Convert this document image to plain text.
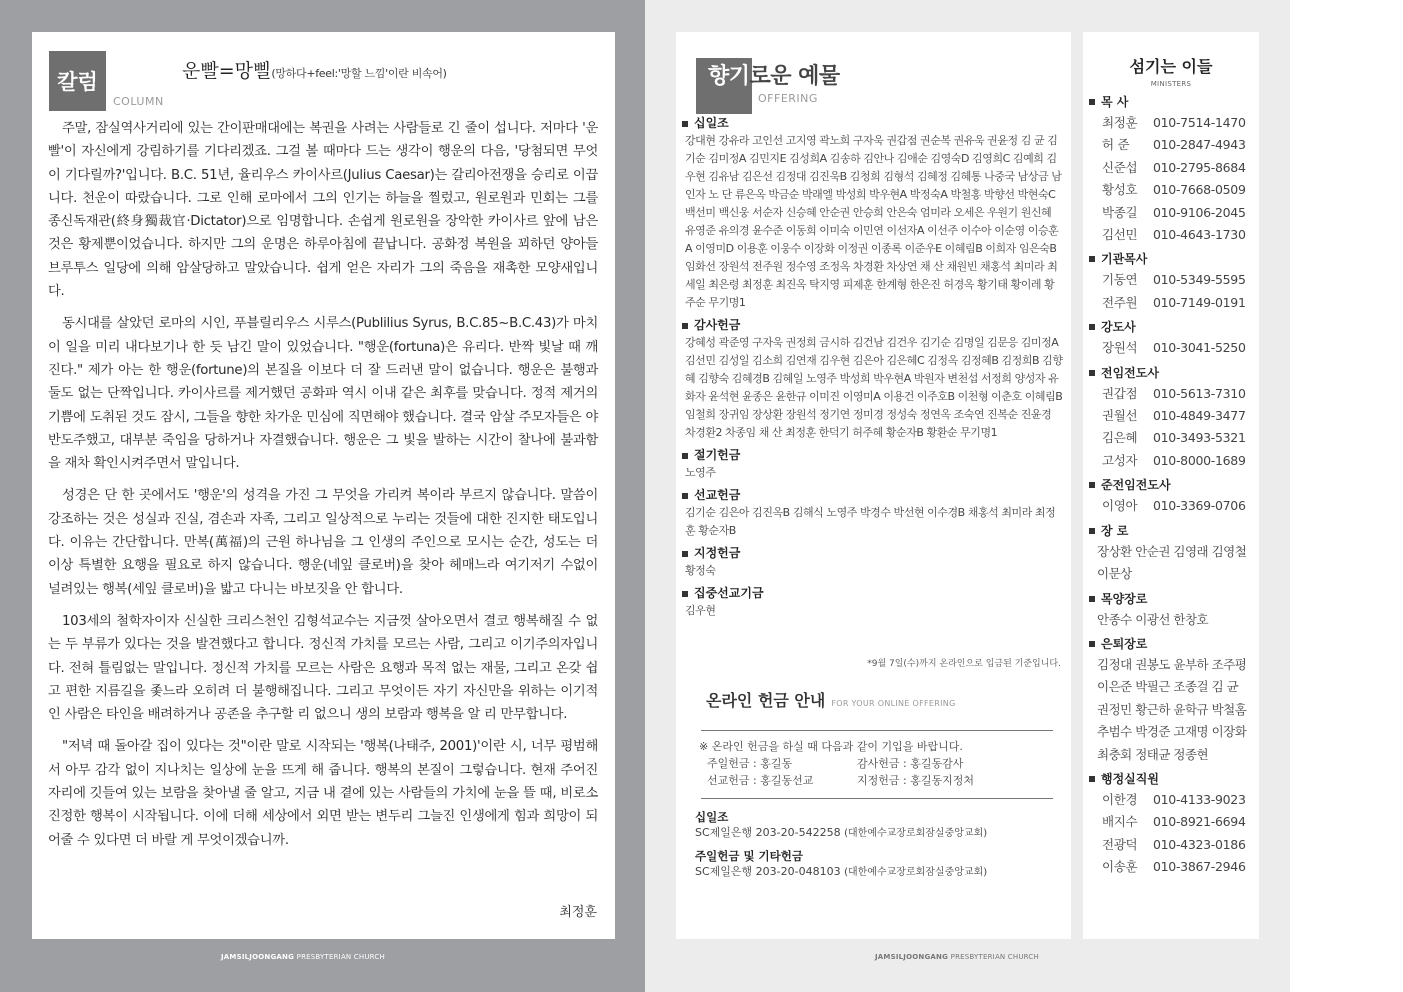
칼럼
COLUMN
운빨=망삘(망하다+feel:'망할 느낌'이란 비속어)

주말, 잠실역사거리에 있는 간이판매대에는 복권을 사려는 사람들로 긴 줄이 섭니다. 저마다 '운빨'이 자신에게 강림하기를 기다리겠죠. 그걸 볼 때마다 드는 생각이 행운의 다음, '당첨되면 무엇이 기다릴까?'입니다. B.C. 51년, 율리우스 카이사르(Julius Caesar)는 갈리아전쟁을 승리로 이끕니다. 천운이 따랐습니다. 그로 인해 로마에서 그의 인기는 하늘을 찔렀고, 원로원과 민회는 그를 종신독재관(終身獨裁官·Dictator)으로 임명합니다. 손쉽게 원로원을 장악한 카이사르 앞에 남은 것은 황제뿐이었습니다. 하지만 그의 운명은 하루아침에 끝납니다. 공화정 복원을 꾀하던 양아들 브루투스 일당에 의해 암살당하고 말았습니다. 쉽게 얻은 자리가 그의 죽음을 재촉한 모양새입니다.

동시대를 살았던 로마의 시인, 푸블릴리우스 시루스(Publilius Syrus, B.C.85~B.C.43)가 마치 이 일을 미리 내다보기나 한 듯 남긴 말이 있었습니다. "행운(fortuna)은 유리다. 반짝 빛날 때 깨진다." 제가 아는 한 행운(fortune)의 본질을 이보다 더 잘 드러낸 말이 없습니다. 행운은 불행과 둘도 없는 단짝입니다. 카이사르를 제거했던 공화파 역시 이내 같은 최후를 맞습니다. 정적 제거의 기쁨에 도취된 것도 잠시, 그들을 향한 차가운 민심에 직면해야 했습니다. 결국 암살 주모자들은 야반도주했고, 대부분 죽임을 당하거나 자결했습니다. 행운은 그 빛을 발하는 시간이 찰나에 불과함을 재차 확인시켜주면서 말입니다.

성경은 단 한 곳에서도 '행운'의 성격을 가진 그 무엇을 가리켜 복이라 부르지 않습니다. 말씀이 강조하는 것은 성실과 진실, 겸손과 자족, 그리고 일상적으로 누리는 것들에 대한 진지한 태도입니다. 이유는 간단합니다. 만복(萬福)의 근원 하나님을 그 인생의 주인으로 모시는 순간, 성도는 더 이상 특별한 요행을 필요로 하지 않습니다. 행운(네잎 클로버)을 찾아 헤매느라 여기저기 수없이 널려있는 행복(세잎 클로버)을 밟고 다니는 바보짓을 안 합니다.

103세의 철학자이자 신실한 크리스천인 김형석교수는 지금껏 살아오면서 결코 행복해질 수 없는 두 부류가 있다는 것을 발견했다고 합니다. 정신적 가치를 모르는 사람, 그리고 이기주의자입니다. 전혀 틀림없는 말입니다. 정신적 가치를 모르는 사람은 요행과 목적 없는 재물, 그리고 온갖 쉽고 편한 지름길을 좇느라 오히려 더 불행해집니다. 그리고 무엇이든 자기 자신만을 위하는 이기적인 사람은 타인을 배려하거나 공존을 추구할 리 없으니 생의 보람과 행복을 알 리 만무합니다.

"저녁 때 돌아갈 집이 있다는 것"이란 말로 시작되는 '행복(나태주, 2001)'이란 시, 너무 평범해서 아무 감각 없이 지나치는 일상에 눈을 뜨게 해 줍니다. 행복의 본질이 그렇습니다. 현재 주어진 자리에 깃들여 있는 보람을 찾아낼 줄 알고, 지금 내 곁에 있는 사람들의 가치에 눈을 뜰 때, 비로소 진정한 행복이 시작됩니다. 이에 더해 세상에서 외면 받는 변두리 그늘진 인생에게 힘과 희망이 되어줄 수 있다면 더 바랄 게 무엇이겠습니까.

최정훈
JAMSILJOONGANG PRESBYTERIAN CHURCH
향기로운 예물
OFFERING
십일조
강대현 강유라 고인선 고지영 곽노희 구자욱 권갑점 권순복 권유욱 권윤정 김 균 김기순 김미정A 김민지E 김성희A 김송하 김안나 김애순 김영숙D 김영희C 김예희 김우현 김유남 김은선 김정대 김진욱B 김청희 김형석 김혜정 김혜통 나중국 남상금 남인자 노 단 류은옥 박금순 박래엘 박성희 박우현A 박정숙A 박철홍 박향선 박현숙C 백선미 백신웅 서순자 신승혜 안순권 안승희 안은숙 엄미라 오세은 우원기 원신혜 유영준 유의경 윤수준 이동희 이미숙 이민연 이선자A 이선주 이수아 이순영 이승훈A 이영미D 이용훈 이웅수 이장화 이정권 이종록 이준우E 이혜림B 이희자 임은숙B 임화선 장원석 전주원 정수영 조정옥 차경환 차상연 채 산 채원빈 채홍석 최미라 최세일 최은령 최정훈 최진옥 탁지영 피제훈 한계형 한은진 허경옥 황기태 황이레 황주순 무기명1
감사헌금
강혜성 곽준영 구자욱 권정희 금시하 김건남 김건우 김기순 김명일 김문응 김미정A 김선민 김성일 김소희 김연재 김우현 김은아 김은혜C 김정옥 김정혜B 김정희B 김향혜 김향숙 김혜경B 김혜일 노영주 박성희 박우현A 박원자 변천섭 서정희 양성자 유화자 윤석현 윤종은 윤한규 이미진 이영미A 이용건 이주호B 이천형 이춘호 이혜림B 임철희 장귀임 장상환 장원석 정기연 정미경 정성숙 정연옥 조숙연 진복순 진윤경 차경환2 차종임 채 산 최정훈 한덕기 허주혜 황순자B 황환순 무기명1
절기헌금
노영주
선교헌금
김기순 김은아 김진옥B 김해식 노영주 박경수 박선현 이수경B 채홍석 최미라 최정훈 황순자B
지정헌금
황정숙
집중선교기금
김우현
*9월 7일(수)까지 온라인으로 입금된 기준입니다.
온라인 헌금 안내 FOR YOUR ONLINE OFFERING
※ 온라인 헌금을 하실 때 다음과 같이 기입을 바랍니다.
주일헌금 : 홍길동	감사헌금 : 홍길동감사
선교헌금 : 홍길동선교	지정헌금 : 홍길동지정처
십일조
SC제일은행 203-20-542258 (대한예수교장로회잠실중앙교회)
주일헌금 및 기타헌금
SC제일은행 203-20-048103 (대한예수교장로회잠실중앙교회)
섬기는 이들
MINISTERS
목 사
최정훈 010-7514-1470
허 준 010-2847-4943
신준섭 010-2795-8684
황성호 010-7668-0509
박종길 010-9106-2045
김선민 010-4643-1730
기관목사
기동연 010-5349-5595
전주원 010-7149-0191
강도사
장원석 010-3041-5250
전임전도사
권갑점 010-5613-7310
권월선 010-4849-3477
김은혜 010-3493-5321
고성자 010-8000-1689
준전임전도사
이영아 010-3369-0706
장 로
장상환 안순권 김영래 김영철
이문상
목양장로
안종수 이광선 한창호
은퇴장로
김정대 권봉도 윤부하 조주평
이은준 박필근 조종걸 김 균
권정민 황근하 윤학규 박철홈
추범수 박경준 고재명 이장화
최충회 정태균 정종현
행정실직원
이한경 010-4133-9023
배지수 010-8921-6694
전광덕 010-4323-0186
이송훈 010-3867-2946
JAMSILJOONGANG PRESBYTERIAN CHURCH
